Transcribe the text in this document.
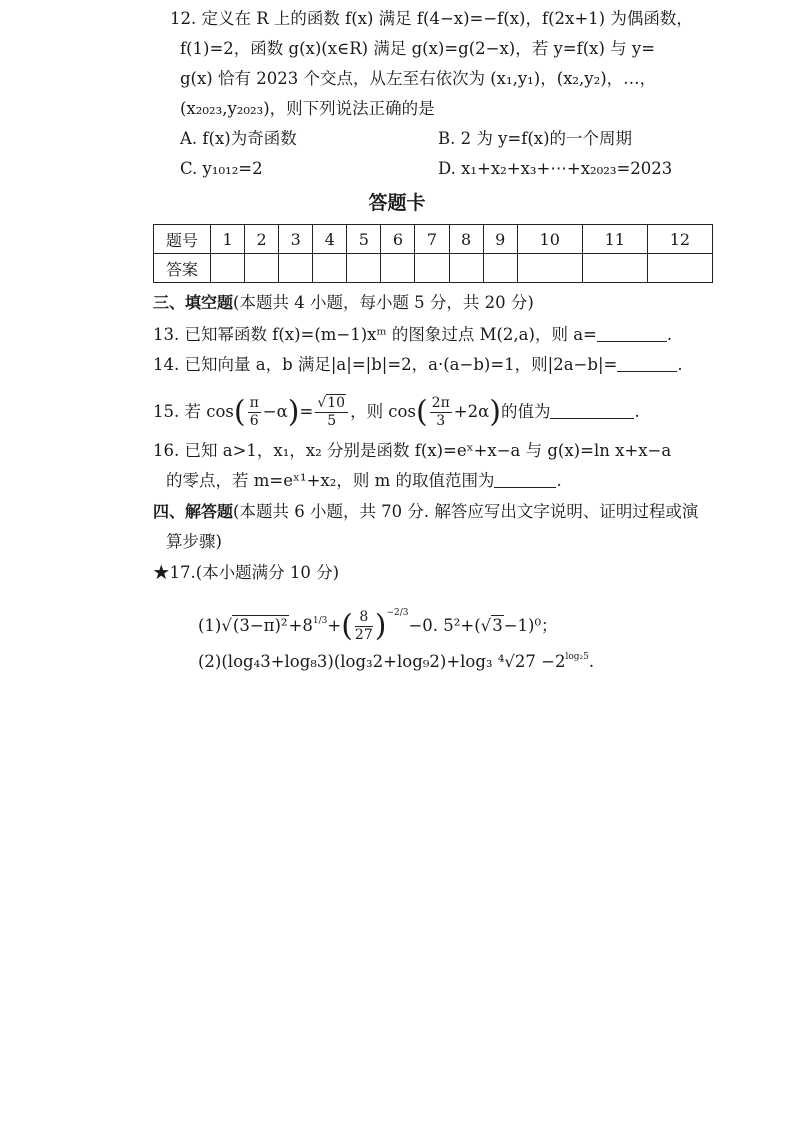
12. 定义在 R 上的函数 f(x) 满足 f(4−x)=−f(x)，f(2x+1) 为偶函数，
f(1)=2，函数 g(x)(x∈R) 满足 g(x)=g(2−x)，若 y=f(x) 与 y=
g(x) 恰有 2023 个交点，从左至右依次为 (x₁,y₁)，(x₂,y₂)，…，
(x₂₀₂₃,y₂₀₂₃)，则下列说法正确的是
A. f(x)为奇函数	B. 2 为 y=f(x)的一个周期
C. y₁₀₁₂=2	D. x₁+x₂+x₃+⋯+x₂₀₂₃=2023
答题卡
题号	1	2	3	4	5	6	7	8	9	10	11	12
答案												
三、填空题(本题共 4 小题，每小题 5 分，共 20 分)
13. 已知幂函数 f(x)=(m−1)xᵐ 的图象过点 M(2,a)，则 a=	.
14. 已知向量 a，b 满足|a|=|b|=2，a·(a−b)=1，则|2a−b|=	.
15. 若 $\cos( \frac{\pi}{6} -\alpha)= \frac{√10}{5}$ ，则 $\cos( \frac{2\pi}{3} +2\alpha)$的值为	.
16. 已知 a>1，x₁，x₂ 分别是函数 f(x)=eˣ+x−a 与 g(x)=ln x+x−a
的零点，若 m=eˣ¹+x₂，则 m 的取值范围为	.
四、解答题(本题共 6 小题，共 70 分. 解答应写出文字说明、证明过程或演
算步骤)
★17.(本小题满分 10 分)
$(1)√(3-\pi)^2+8^{1/3}+( \frac{8}{27} )^{-2/3}-0$. 5²+(√3−1)⁰；
(2)(log₄3+log₈3)(log₃2+log₉2)+log₃ $^4√27 -2^{log_25}$.
